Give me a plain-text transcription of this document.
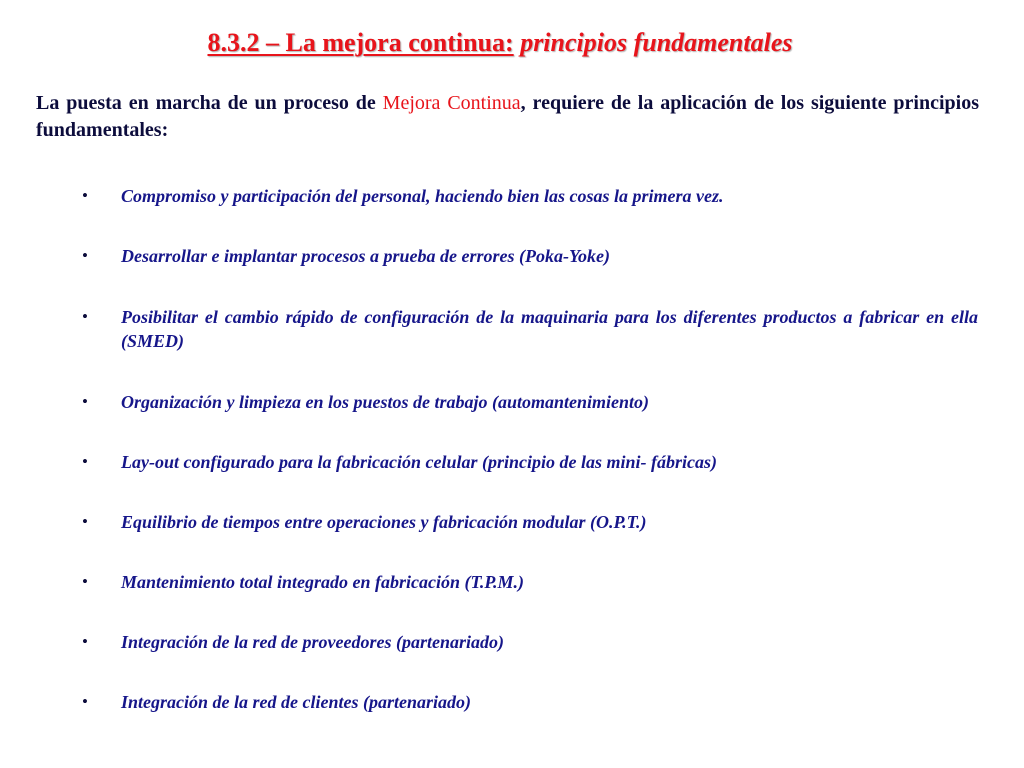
8.3.2 – La mejora continua: principios fundamentales
La puesta en marcha de un proceso de Mejora Continua, requiere de la aplicación de los siguiente principios fundamentales:
• Compromiso y participación del personal, haciendo bien las cosas la primera vez.
• Desarrollar e implantar procesos a prueba de errores (Poka-Yoke)
• Posibilitar el cambio rápido de configuración de la maquinaria para los diferentes productos a fabricar en ella (SMED)
• Organización y limpieza en los puestos de trabajo (automantenimiento)
• Lay-out configurado para la fabricación celular (principio de las mini- fábricas)
• Equilibrio de tiempos entre operaciones y fabricación modular (O.P.T.)
• Mantenimiento total integrado en fabricación (T.P.M.)
• Integración de la red de proveedores (partenariado)
• Integración de la red de clientes (partenariado)
